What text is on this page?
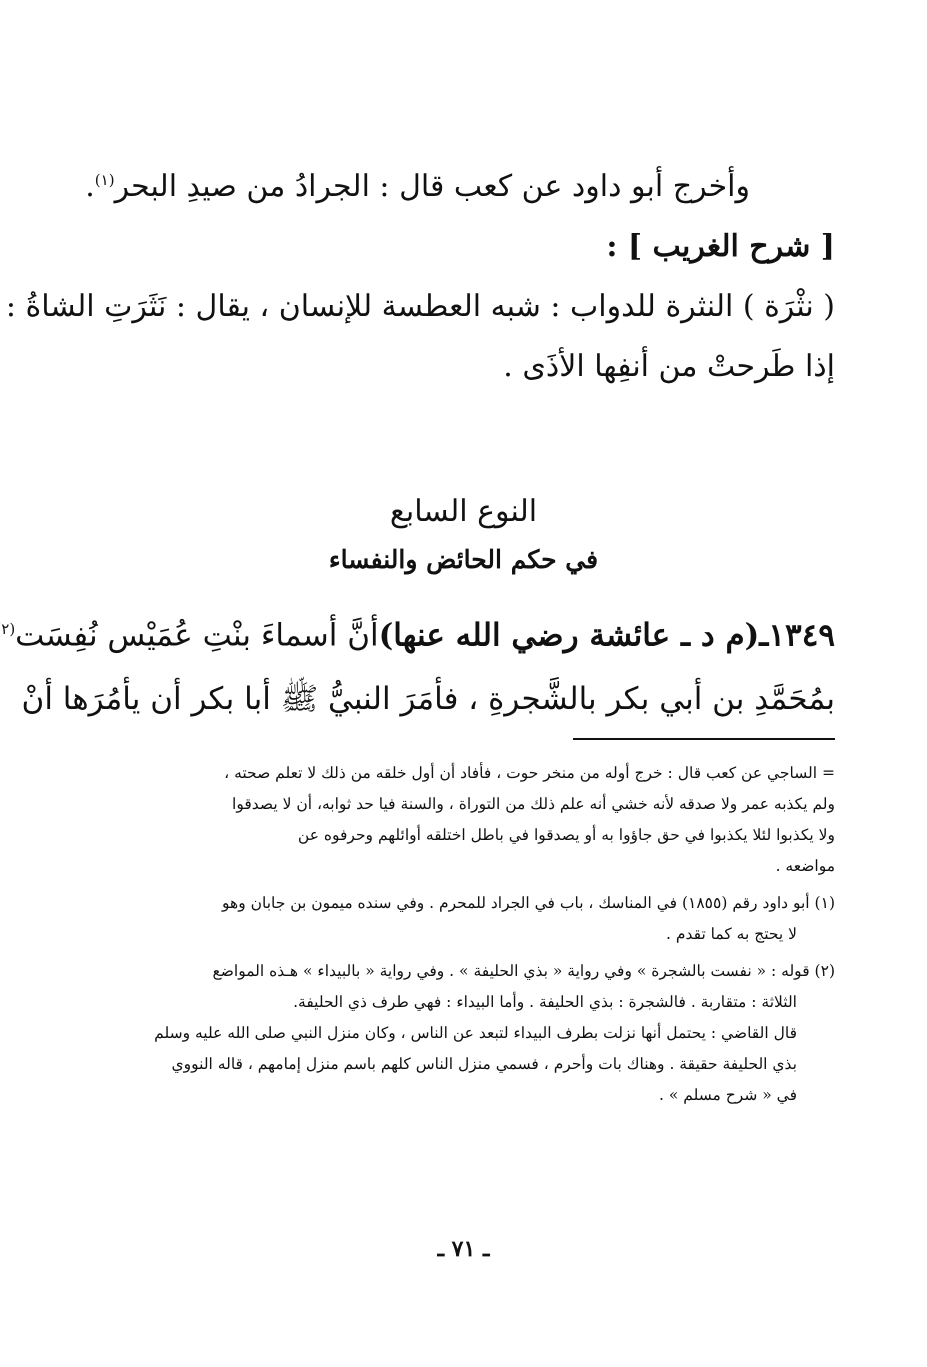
وأخرج أبو داود عن كعب قال : الجرادُ من صيدِ البحر$^{(١)}$.
[ شرح الغريب ] :
( نثْرَة ) النثرة للدواب : شبه العطسة للإنسان ، يقال : نَثَرَتِ الشاةُ :
إذا طَرحتْ من أنفِها الأذَى .
النوع السابع
في حكم الحائض والنفساء
١٣٤٩ـ(م د ـ عائشة رضي الله عنها)أنَّ أسماءَ بنْتِ عُمَيْس نُفِسَت$^{(٢}$
بمُحَمَّدِ بن أبي بكر بالشَّجرةِ ، فأمَرَ النبيُّ ﷺ أبا بكر أن يأمُرَها أنْ

= الساجي عن كعب قال : خرج أوله من منخر حوت ، فأفاد أن أول خلقه من ذلك لا تعلم صحته ،

ولم يكذبه عمر ولا صدقه لأنه خشي أنه علم ذلك من التوراة ، والسنة فيا حد ثوابه، أن لا يصدقوا

ولا يكذبوا لئلا يكذبوا في حق جاؤوا به أو يصدقوا في باطل اختلقه أوائلهم وحرفوه عن

مواضعه .

(١) أبو داود رقم (١٨٥٥) في المناسك ، باب في الجراد للمحرم . وفي سنده ميمون بن جابان وهو

لا يحتج به كما تقدم .

(٢) قوله : « نفست بالشجرة » وفي رواية « بذي الحليفة » . وفي رواية « بالبيداء » هـذه المواضع

الثلاثة : متقاربة . فالشجرة : بذي الحليفة . وأما البيداء : فهي طرف ذي الحليفة.

قال القاضي : يحتمل أنها نزلت بطرف البيداء لتبعد عن الناس ، وكان منزل النبي صلى الله عليه وسلم

بذي الحليفة حقيقة . وهناك بات وأحرم ، فسمي منزل الناس كلهم باسم منزل إمامهم ، قاله النووي

في « شرح مسلم » .

ـ ٧١ ـ
